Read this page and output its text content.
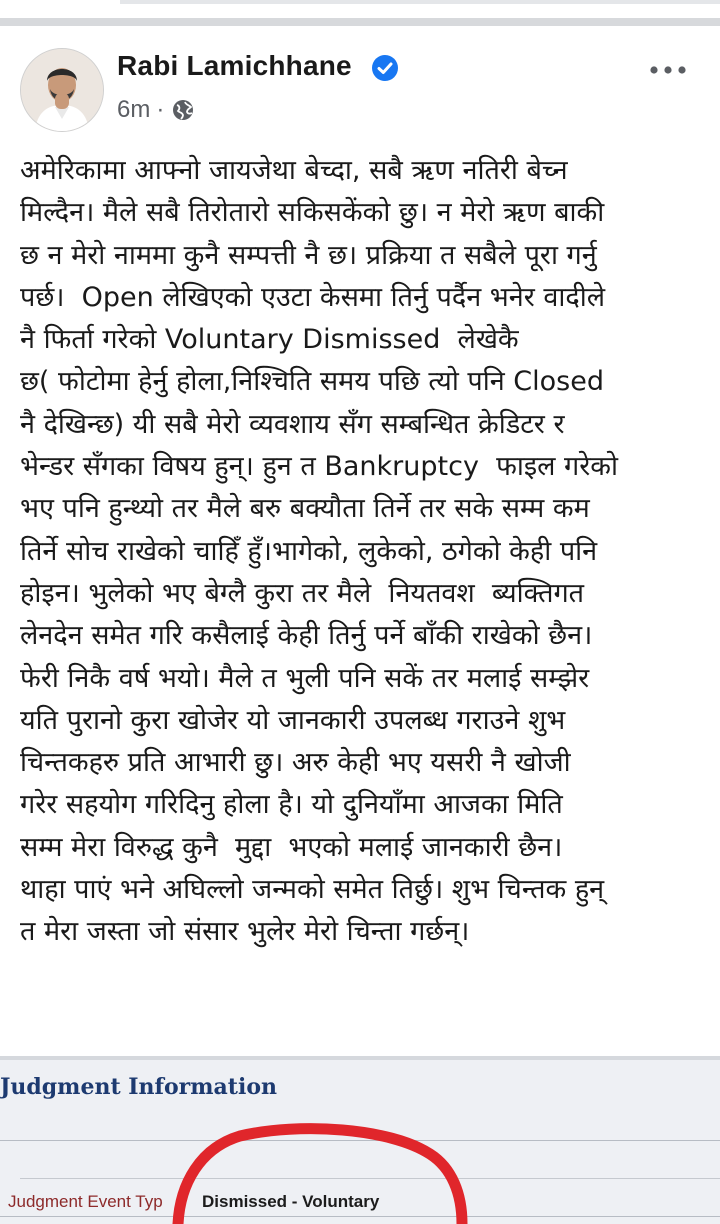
Rabi Lamichhane
6m ·

अमेरिकामा आफ्नो जायजेथा बेच्दा, सबै ऋण नतिरी बेच्न
मिल्दैन। मैले सबै तिरोतारो सकिसकेंको छु। न मेरो ऋण बाकी
छ न मेरो नाममा कुनै सम्पत्ती नै छ। प्रक्रिया त सबैले पूरा गर्नु
पर्छ।  Open लेखिएको एउटा केसमा तिर्नु पर्दैन भनेर वादीले
नै फिर्ता गरेको Voluntary Dismissed  लेखेकै
छ( फोटोमा हेर्नु होला,निश्चिति समय पछि त्यो पनि Closed
नै देखिन्छ) यी सबै मेरो व्यवशाय सँग सम्बन्धित क्रेडिटर र
भेन्डर सँगका विषय हुन्। हुन त Bankruptcy  फाइल गरेको
भए पनि हुन्थ्यो तर मैले बरु बक्यौता तिर्ने तर सके सम्म कम
तिर्ने सोच राखेको चाहिँ हुँ।भागेको, लुकेको, ठगेको केही पनि
होइन। भुलेको भए बेग्लै कुरा तर मैले  नियतवश  ब्यक्तिगत
लेनदेन समेत गरि कसैलाई केही तिर्नु पर्ने बाँकी राखेको छैन।
फेरी निकै वर्ष भयो। मैले त भुली पनि सकें तर मलाई सम्झेर
यति पुरानो कुरा खोजेर यो जानकारी उपलब्ध गराउने शुभ
चिन्तकहरु प्रति आभारी छु। अरु केही भए यसरी नै खोजी
गरेर सहयोग गरिदिनु होला है। यो दुनियाँमा आजका मिति
सम्म मेरा विरुद्ध कुनै  मुद्दा  भएको मलाई जानकारी छैन।
थाहा पाएं भने अघिल्लो जन्मको समेत तिर्छु। शुभ चिन्तक हुन्
त मेरा जस्ता जो संसार भुलेर मेरो चिन्ता गर्छन्।

Judgment Information
Judgment Event Typ Dismissed - Voluntary
